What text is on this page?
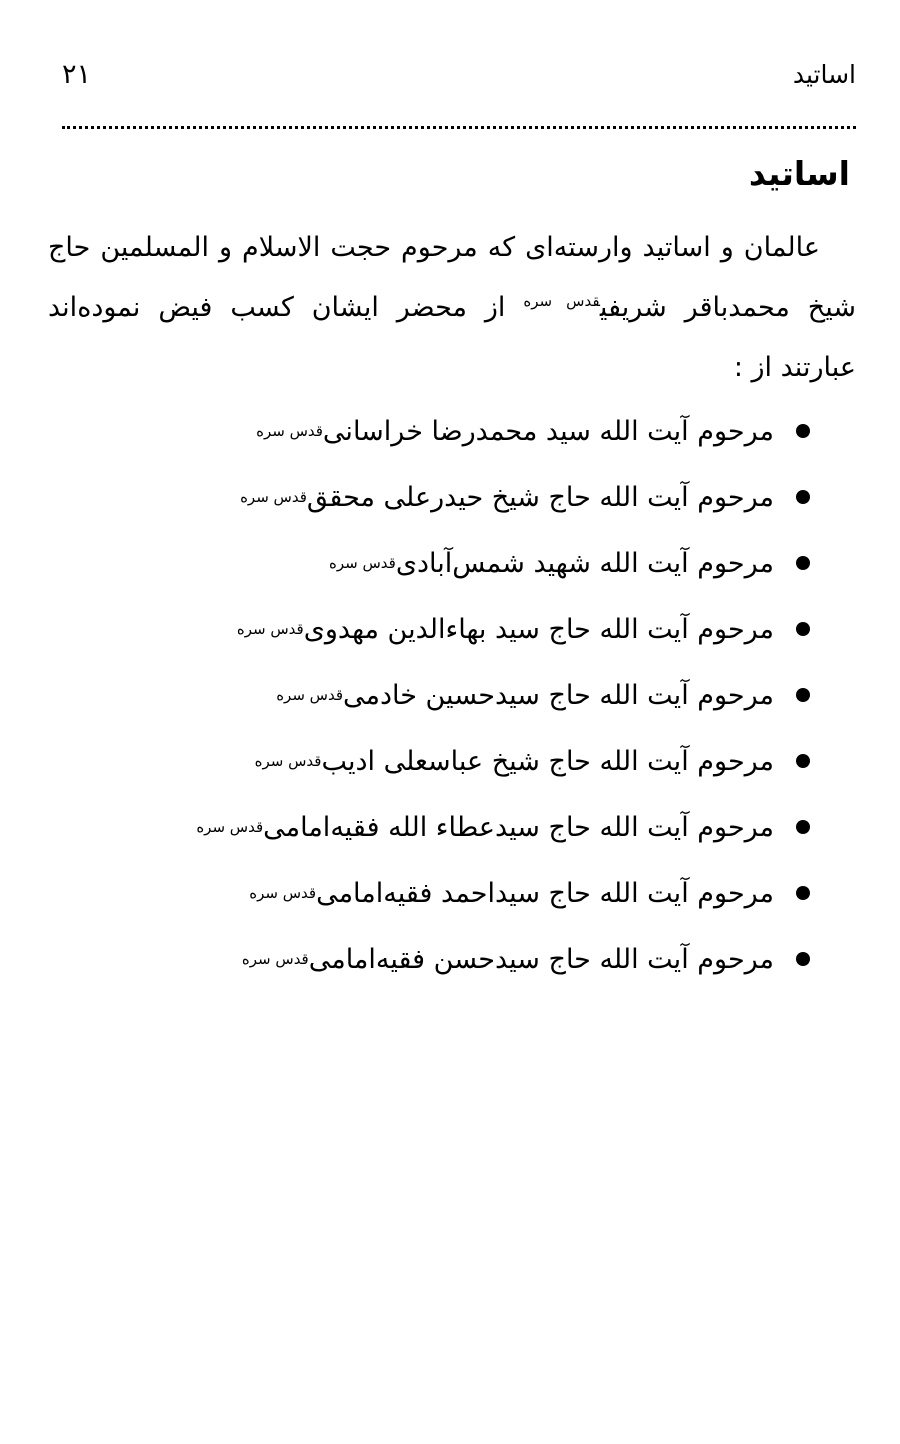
اساتید
۲۱
اساتید

عالمان و اساتید وارسته‌ای که مرحوم حجت الاسلام و المسلمین حاج شیخ محمدباقر شریفی$^{قدس سره}$ از محضر ایشان کسب فیض نموده‌اند عبارتند از :

مرحوم آیت الله سید محمدرضا خراسانی
قدس سره
مرحوم آیت الله حاج شیخ حیدرعلی محقق
قدس سره
مرحوم آیت الله شهید شمس‌آبادی
قدس سره
مرحوم آیت الله حاج سید بهاءالدین مهدوی
قدس سره
مرحوم آیت الله حاج سیدحسین خادمی
قدس سره
مرحوم آیت الله حاج شیخ عباسعلی ادیب
قدس سره
مرحوم آیت الله حاج سیدعطاء الله فقیه‌امامی
قدس سره
مرحوم آیت الله حاج سیداحمد فقیه‌امامی
قدس سره
مرحوم آیت الله حاج سیدحسن فقیه‌امامی
قدس سره
